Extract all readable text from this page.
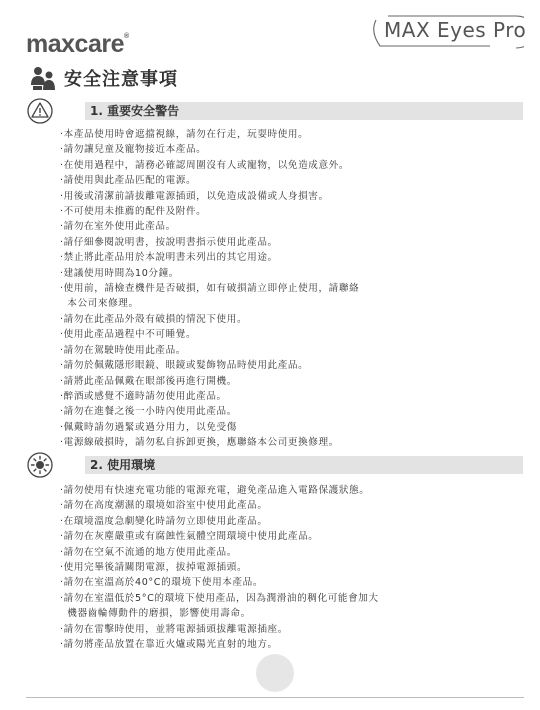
maxcare®	MAX Eyes Pro
安全注意事項
1. 重要安全警告
‧本產品使用時會遮擋視線，請勿在行走，玩耍時使用。
‧請勿讓兒童及寵物接近本產品。
‧在使用過程中，請務必確認周圍沒有人或寵物，以免造成意外。
‧請使用與此產品匹配的電源。
‧用後或清潔前請拔離電源插頭，以免造成設備或人身損害。
‧不可使用未推薦的配件及附件。
‧請勿在室外使用此產品。
‧請仔細參閱說明書，按說明書指示使用此產品。
‧禁止將此產品用於本說明書未列出的其它用途。
‧建議使用時間為10分鐘。
‧使用前，請檢查機件是否破損，如有破損請立即停止使用，請聯絡
本公司來修理。
‧請勿在此產品外殼有破損的情況下使用。
‧使用此產品過程中不可睡覺。
‧請勿在駕駛時使用此產品。
‧請勿於佩戴隱形眼鏡、眼鏡或髮飾物品時使用此產品。
‧請將此產品佩戴在眼部後再進行開機。
‧醉酒或感覺不適時請勿使用此產品。
‧請勿在進餐之後一小時內使用此產品。
‧佩戴時請勿過緊或過分用力，以免受傷
‧電源線破損時，請勿私自拆卸更換，應聯絡本公司更換修理。
2. 使用環境
‧請勿使用有快速充電功能的電源充電，避免產品進入電路保護狀態。
‧請勿在高度潮濕的環境如浴室中使用此產品。
‧在環境溫度急劇變化時請勿立即使用此產品。
‧請勿在灰塵嚴重或有腐蝕性氣體空間環境中使用此產品。
‧請勿在空氣不流通的地方使用此產品。
‧使用完畢後請關閉電源，拔掉電源插頭。
‧請勿在室溫高於40°C的環境下使用本產品。
‧請勿在室溫低於5°C的環境下使用產品，因為潤滑油的稠化可能會加大
機器齒輪傳動件的磨損，影響使用壽命。
‧請勿在雷擊時使用，並將電源插頭拔離電源插座。
‧請勿將產品放置在靠近火爐或陽光直射的地方。
